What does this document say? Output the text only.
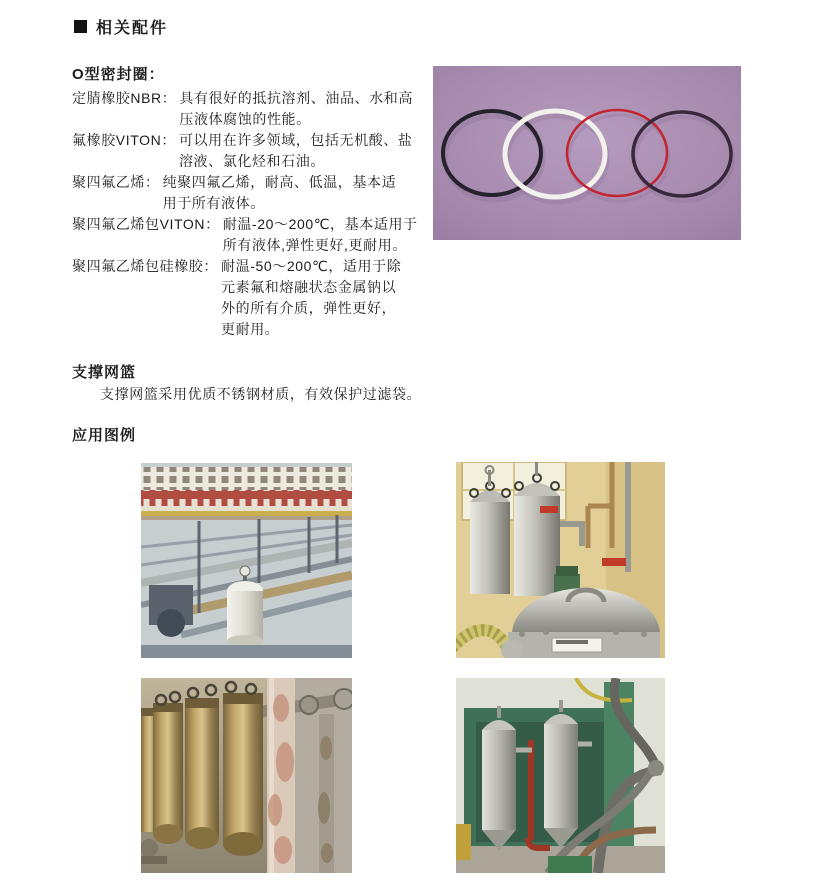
相关配件
O型密封圈：
定腈橡胶NBR： 具有很好的抵抗溶剂、油品、水和高
压液体腐蚀的性能。
氟橡胶VITON： 可以用在许多领域，包括无机酸、盐
溶液、氯化烃和石油。
聚四氟乙烯： 纯聚四氟乙烯，耐高、低温，基本适
用于所有液体。
聚四氟乙烯包VITON： 耐温-20～200℃，基本适用于
所有液体,弹性更好,更耐用。
聚四氟乙烯包硅橡胶： 耐温-50～200℃，适用于除
元素氟和熔融状态金属钠以
外的所有介质，弹性更好，
更耐用。
支撑网篮
支撑网篮采用优质不锈钢材质，有效保护过滤袋。
应用图例
